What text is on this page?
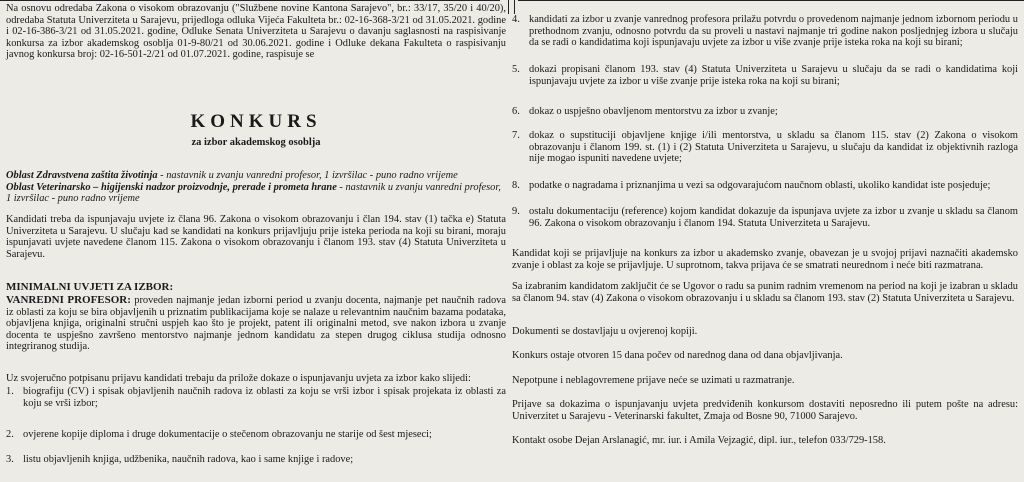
Na osnovu odredaba Zakona o visokom obrazovanju ("Službene novine Kantona Sarajevo", br.: 33/17, 35/20 i 40/20), odredaba Statuta Univerziteta u Sarajevu, prijedloga odluka Vijeća Fakulteta br.: 02-16-368-3/21 od 31.05.2021. godine i 02-16-386-3/21 od 31.05.2021. godine, Odluke Senata Univerziteta u Sarajevu o davanju saglasnosti na raspisivanje konkursa za izbor akademskog osoblja 01-9-80/21 od 30.06.2021. godine i Odluke dekana Fakulteta o raspisivanju javnog konkursa broj: 02-16-501-2/21 od 01.07.2021. godine, raspisuje se

KONKURS
za izbor akademskog osoblja
Oblast Zdravstvena zaštita životinja - nastavnik u zvanju vanredni profesor, 1 izvršilac - puno radno vrijeme
Oblast Veterinarsko – higijenski nadzor proizvodnje, prerade i prometa hrane - nastavnik u zvanju vanredni profesor, 1 izvršilac - puno radno vrijeme

Kandidati treba da ispunjavaju uvjete iz člana 96. Zakona o visokom obrazovanju i član 194. stav (1) tačka e) Statuta Univerziteta u Sarajevu. U slučaju kad se kandidati na konkurs prijavljuju prije isteka perioda na koji su birani, moraju ispunjavati uvjete navedene članom 115. Zakona o visokom obrazovanju i članom 193. stav (4) Statuta Univerziteta u Sarajevu.

MINIMALNI UVJETI ZA IZBOR:

VANREDNI PROFESOR: proveden najmanje jedan izborni period u zvanju docenta, najmanje pet naučnih radova iz oblasti za koju se bira objavljenih u priznatim publikacijama koje se nalaze u relevantnim naučnim bazama podataka, objavljena knjiga, originalni stručni uspjeh kao što je projekt, patent ili originalni metod, sve nakon izbora u zvanje docenta te uspješno završeno mentorstvo najmanje jednom kandidatu za stepen drugog ciklusa studija odnosno integriranog studija.

Uz svojeručno potpisanu prijavu kandidati trebaju da prilože dokaze o ispunjavanju uvjeta za izbor kako slijedi:

1. biografiju (CV) i spisak objavljenih naučnih radova iz oblasti za koju se vrši izbor i spisak projekata iz oblasti za koju se vrši izbor;
2. ovjerene kopije diploma i druge dokumentacije o stečenom obrazovanju ne starije od šest mjeseci;
3. listu objavljenih knjiga, udžbenika, naučnih radova, kao i same knjige i radove;
4. kandidati za izbor u zvanje vanrednog profesora prilažu potvrdu o provedenom najmanje jednom izbornom periodu u prethodnom zvanju, odnosno potvrdu da su proveli u nastavi najmanje tri godine nakon posljednjeg izbora u slučaju da se radi o kandidatima koji ispunjavaju uvjete za izbor u više zvanje prije isteka roka na koji su birani;
5. dokazi propisani članom 193. stav (4) Statuta Univerziteta u Sarajevu u slučaju da se radi o kandidatima koji ispunjavaju uvjete za izbor u više zvanje prije isteka roka na koji su birani;
6. dokaz o uspješno obavljenom mentorstvu za izbor u zvanje;
7. dokaz o supstituciji objavljene knjige i/ili mentorstva, u skladu sa članom 115. stav (2) Zakona o visokom obrazovanju i članom 199. st. (1) i (2) Statuta Univerziteta u Sarajevu, u slučaju da kandidat iz objektivnih razloga nije mogao ispuniti navedene uvjete;
8. podatke o nagradama i priznanjima u vezi sa odgovarajućom naučnom oblasti, ukoliko kandidat iste posjeduje;
9. ostalu dokumentaciju (reference) kojom kandidat dokazuje da ispunjava uvjete za izbor u zvanje u skladu sa članom 96. Zakona o visokom obrazovanju i članom 194. Statuta Univerziteta u Sarajevu.

Kandidat koji se prijavljuje na konkurs za izbor u akademsko zvanje, obavezan je u svojoj prijavi naznačiti akademsko zvanje i oblast za koje se prijavljuje. U suprotnom, takva prijava će se smatrati neurednom i neće biti razmatrana.

Sa izabranim kandidatom zaključit će se Ugovor o radu sa punim radnim vremenom na period na koji je izabran u skladu sa članom 94. stav (4) Zakona o visokom obrazovanju i u skladu sa članom 193. stav (2) Statuta Univerziteta u Sarajevu.

Dokumenti se dostavljaju u ovjerenoj kopiji.

Konkurs ostaje otvoren 15 dana počev od narednog dana od dana objavljivanja.

Nepotpune i neblagovremene prijave neće se uzimati u razmatranje.

Prijave sa dokazima o ispunjavanju uvjeta predviđenih konkursom dostaviti neposredno ili putem pošte na adresu: Univerzitet u Sarajevu - Veterinarski fakultet, Zmaja od Bosne 90, 71000 Sarajevo.

Kontakt osobe Dejan Arslanagić, mr. iur. i Amila Vejzagić, dipl. iur., telefon 033/729-158.
